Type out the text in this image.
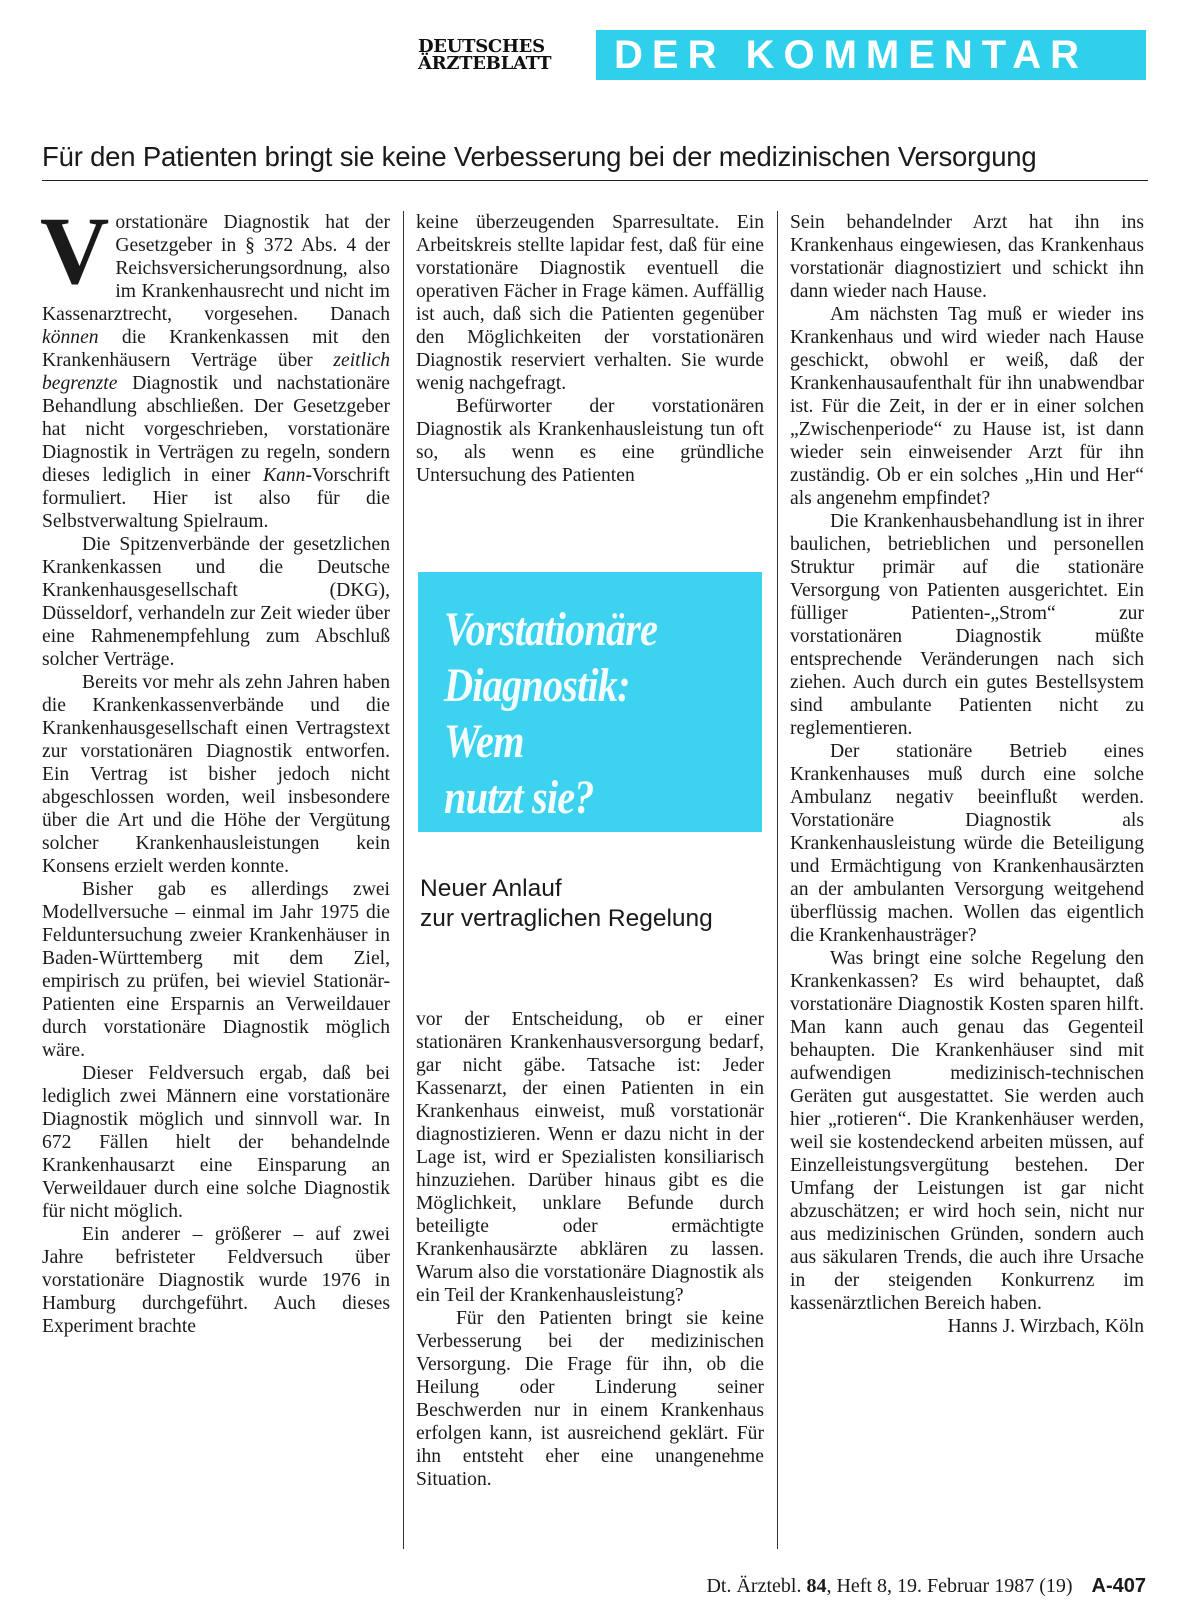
DEUTSCHES
ÄRZTEBLATT	DER KOMMENTAR
Für den Patienten bringt sie keine Verbesserung bei der medizinischen Versorgung

Vorstationäre Diagnostik hat der Gesetzgeber in § 372 Abs. 4 der Reichsversicherungsordnung, also im Krankenhausrecht und nicht im Kassenarztrecht, vorgesehen. Danach können die Krankenkassen mit den Krankenhäusern Verträge über zeitlich begrenzte Diagnostik und nachstationäre Behandlung abschließen. Der Gesetzgeber hat nicht vorgeschrieben, vorstationäre Diagnostik in Verträgen zu regeln, sondern dieses lediglich in einer Kann-Vorschrift formuliert. Hier ist also für die Selbstverwaltung Spielraum.

Die Spitzenverbände der gesetzlichen Krankenkassen und die Deutsche Krankenhausgesellschaft (DKG), Düsseldorf, verhandeln zur Zeit wieder über eine Rahmenempfehlung zum Abschluß solcher Verträge.

Bereits vor mehr als zehn Jahren haben die Krankenkassenverbände und die Krankenhausgesellschaft einen Vertragstext zur vorstationären Diagnostik entworfen. Ein Vertrag ist bisher jedoch nicht abgeschlossen worden, weil insbesondere über die Art und die Höhe der Vergütung solcher Krankenhausleistungen kein Konsens erzielt werden konnte.

Bisher gab es allerdings zwei Modellversuche – einmal im Jahr 1975 die Felduntersuchung zweier Krankenhäuser in Baden-Württemberg mit dem Ziel, empirisch zu prüfen, bei wieviel Stationär-Patienten eine Ersparnis an Verweildauer durch vorstationäre Diagnostik möglich wäre.

Dieser Feldversuch ergab, daß bei lediglich zwei Männern eine vorstationäre Diagnostik möglich und sinnvoll war. In 672 Fällen hielt der behandelnde Krankenhausarzt eine Einsparung an Verweildauer durch eine solche Diagnostik für nicht möglich.

Ein anderer – größerer – auf zwei Jahre befristeter Feldversuch über vorstationäre Diagnostik wurde 1976 in Hamburg durchgeführt. Auch dieses Experiment brachte

keine überzeugenden Sparresultate. Ein Arbeitskreis stellte lapidar fest, daß für eine vorstationäre Diagnostik eventuell die operativen Fächer in Frage kämen. Auffällig ist auch, daß sich die Patienten gegenüber den Möglichkeiten der vorstationären Diagnostik reserviert verhalten. Sie wurde wenig nachgefragt.

Befürworter der vorstationären Diagnostik als Krankenhausleistung tun oft so, als wenn es eine gründliche Untersuchung des Patienten

Vorstationäre
Diagnostik:
Wem
nutzt sie?
Neuer Anlauf
zur vertraglichen Regelung

vor der Entscheidung, ob er einer stationären Krankenhausversorgung bedarf, gar nicht gäbe. Tatsache ist: Jeder Kassenarzt, der einen Patienten in ein Krankenhaus einweist, muß vorstationär diagnostizieren. Wenn er dazu nicht in der Lage ist, wird er Spezialisten konsiliarisch hinzuziehen. Darüber hinaus gibt es die Möglichkeit, unklare Befunde durch beteiligte oder ermächtigte Krankenhausärzte abklären zu lassen. Warum also die vorstationäre Diagnostik als ein Teil der Krankenhausleistung?

Für den Patienten bringt sie keine Verbesserung bei der medizinischen Versorgung. Die Frage für ihn, ob die Heilung oder Linderung seiner Beschwerden nur in einem Krankenhaus erfolgen kann, ist ausreichend geklärt. Für ihn entsteht eher eine unangenehme Situation.

Sein behandelnder Arzt hat ihn ins Krankenhaus eingewiesen, das Krankenhaus vorstationär diagnostiziert und schickt ihn dann wieder nach Hause.

Am nächsten Tag muß er wieder ins Krankenhaus und wird wieder nach Hause geschickt, obwohl er weiß, daß der Krankenhausaufenthalt für ihn unabwendbar ist. Für die Zeit, in der er in einer solchen „Zwischenperiode“ zu Hause ist, ist dann wieder sein einweisender Arzt für ihn zuständig. Ob er ein solches „Hin und Her“ als angenehm empfindet?

Die Krankenhausbehandlung ist in ihrer baulichen, betrieblichen und personellen Struktur primär auf die stationäre Versorgung von Patienten ausgerichtet. Ein fülliger Patienten-„Strom“ zur vorstationären Diagnostik müßte entsprechende Veränderungen nach sich ziehen. Auch durch ein gutes Bestellsystem sind ambulante Patienten nicht zu reglementieren.

Der stationäre Betrieb eines Krankenhauses muß durch eine solche Ambulanz negativ beeinflußt werden. Vorstationäre Diagnostik als Krankenhausleistung würde die Beteiligung und Ermächtigung von Krankenhausärzten an der ambulanten Versorgung weitgehend überflüssig machen. Wollen das eigentlich die Krankenhausträger?

Was bringt eine solche Regelung den Krankenkassen? Es wird behauptet, daß vorstationäre Diagnostik Kosten sparen hilft. Man kann auch genau das Gegenteil behaupten. Die Krankenhäuser sind mit aufwendigen medizinisch-technischen Geräten gut ausgestattet. Sie werden auch hier „rotieren“. Die Krankenhäuser werden, weil sie kostendeckend arbeiten müssen, auf Einzelleistungsvergütung bestehen. Der Umfang der Leistungen ist gar nicht abzuschätzen; er wird hoch sein, nicht nur aus medizinischen Gründen, sondern auch aus säkularen Trends, die auch ihre Ursache in der steigenden Konkurrenz im kassenärztlichen Bereich haben.

Hanns J. Wirzbach, Köln

Dt. Ärztebl. 84, Heft 8, 19. Februar 1987 (19) A-407
